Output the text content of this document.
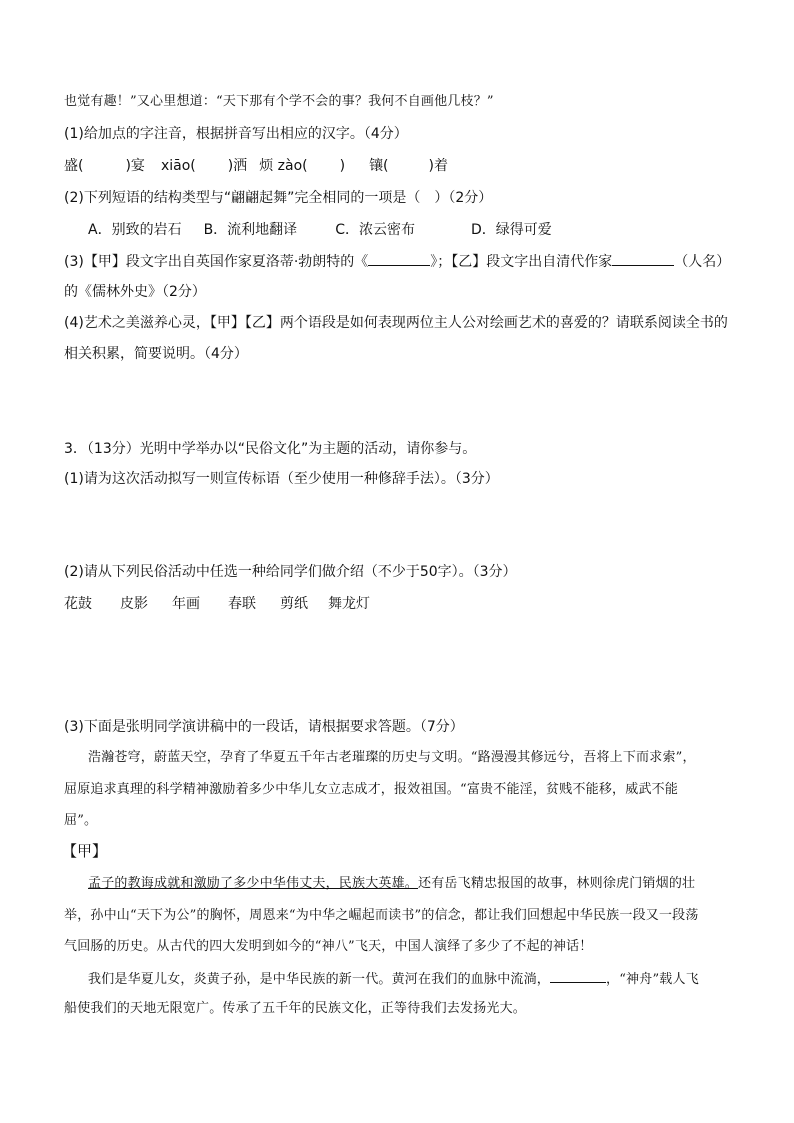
也觉有趣！”又心里想道：“天下那有个学不会的事？我何不自画他几枝？”
(1)给加点的字注音，根据拼音写出相应的汉字。（4分）
盛(	)宴 xiāo( )洒 烦 zào( ) 镶(	)着
(2)下列短语的结构类型与“翩翩起舞”完全相同的一项是（　）（2分）
A．别致的岩石 B．流利地翻译	C．浓云密布	D．绿得可爱
(3)【甲】段文字出自英国作家夏洛蒂·勃朗特的《	》；【乙】段文字出自清代作家	（人名）
的《儒林外史》（2分）
(4)艺术之美滋养心灵，【甲】【乙】两个语段是如何表现两位主人公对绘画艺术的喜爱的？请联系阅读全书的
相关积累，简要说明。（4分）
3．（13分）光明中学举办以“民俗文化”为主题的活动，请你参与。
(1)请为这次活动拟写一则宣传标语（至少使用一种修辞手法）。（3分）
(2)请从下列民俗活动中任选一种给同学们做介绍（不少于50字）。（3分）
花鼓 皮影 年画 春联 剪纸 舞龙灯
(3)下面是张明同学演讲稿中的一段话，请根据要求答题。（7分）
浩瀚苍穹，蔚蓝天空，孕育了华夏五千年古老璀璨的历史与文明。“路漫漫其修远兮，吾将上下而求索”，
屈原追求真理的科学精神激励着多少中华儿女立志成才，报效祖国。“富贵不能淫，贫贱不能移，威武不能
屈”。
【甲】
孟子的教诲成就和激励了多少中华伟丈夫，民族大英雄。还有岳飞精忠报国的故事，林则徐虎门销烟的壮
举，孙中山“天下为公”的胸怀，周恩来“为中华之崛起而读书”的信念，都让我们回想起中华民族一段又一段荡
气回肠的历史。从古代的四大发明到如今的“神八”飞天，中国人演绎了多少了不起的神话！
我们是华夏儿女，炎黄子孙，是中华民族的新一代。黄河在我们的血脉中流淌，	，“神舟”载人飞
船使我们的天地无限宽广。传承了五千年的民族文化，正等待我们去发扬光大。
